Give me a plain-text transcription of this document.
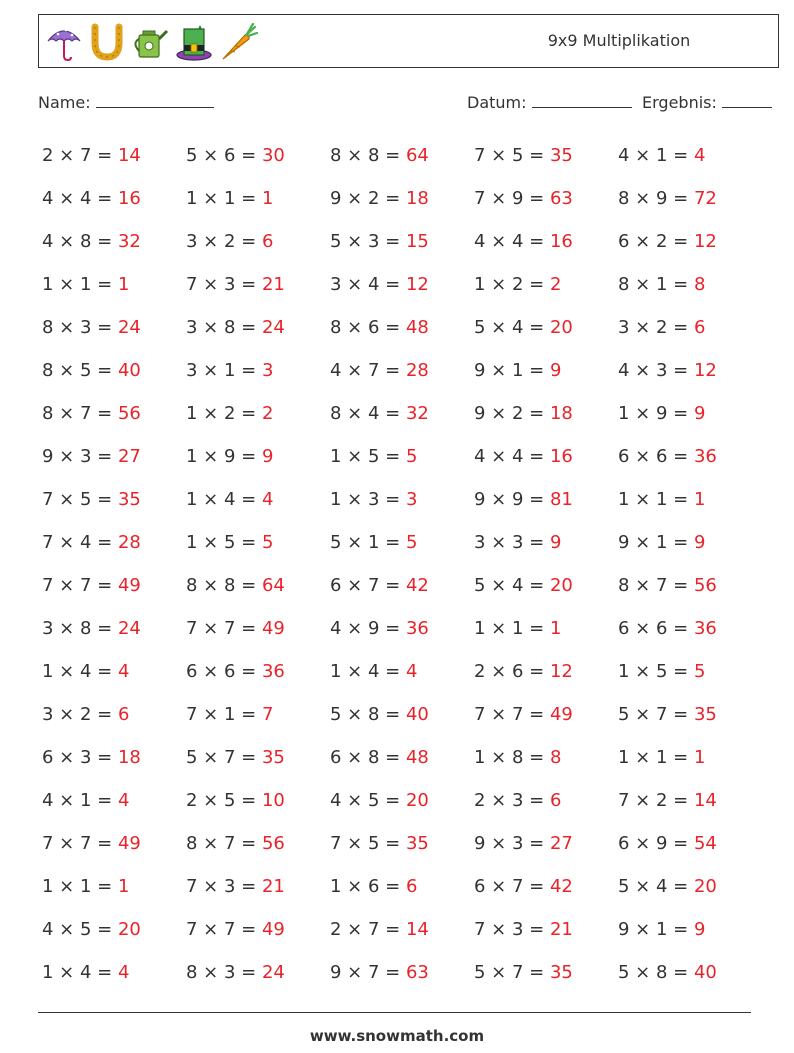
9x9 Multiplikation
Name:	Datum:	Ergebnis:
2 × 7 = 14	5 × 6 = 30	8 × 8 = 64	7 × 5 = 35	4 × 1 = 4
4 × 4 = 16	1 × 1 = 1	9 × 2 = 18	7 × 9 = 63	8 × 9 = 72
4 × 8 = 32	3 × 2 = 6	5 × 3 = 15	4 × 4 = 16	6 × 2 = 12
1 × 1 = 1	7 × 3 = 21	3 × 4 = 12	1 × 2 = 2	8 × 1 = 8
8 × 3 = 24	3 × 8 = 24	8 × 6 = 48	5 × 4 = 20	3 × 2 = 6
8 × 5 = 40	3 × 1 = 3	4 × 7 = 28	9 × 1 = 9	4 × 3 = 12
8 × 7 = 56	1 × 2 = 2	8 × 4 = 32	9 × 2 = 18	1 × 9 = 9
9 × 3 = 27	1 × 9 = 9	1 × 5 = 5	4 × 4 = 16	6 × 6 = 36
7 × 5 = 35	1 × 4 = 4	1 × 3 = 3	9 × 9 = 81	1 × 1 = 1
7 × 4 = 28	1 × 5 = 5	5 × 1 = 5	3 × 3 = 9	9 × 1 = 9
7 × 7 = 49	8 × 8 = 64	6 × 7 = 42	5 × 4 = 20	8 × 7 = 56
3 × 8 = 24	7 × 7 = 49	4 × 9 = 36	1 × 1 = 1	6 × 6 = 36
1 × 4 = 4	6 × 6 = 36	1 × 4 = 4	2 × 6 = 12	1 × 5 = 5
3 × 2 = 6	7 × 1 = 7	5 × 8 = 40	7 × 7 = 49	5 × 7 = 35
6 × 3 = 18	5 × 7 = 35	6 × 8 = 48	1 × 8 = 8	1 × 1 = 1
4 × 1 = 4	2 × 5 = 10	4 × 5 = 20	2 × 3 = 6	7 × 2 = 14
7 × 7 = 49	8 × 7 = 56	7 × 5 = 35	9 × 3 = 27	6 × 9 = 54
1 × 1 = 1	7 × 3 = 21	1 × 6 = 6	6 × 7 = 42	5 × 4 = 20
4 × 5 = 20	7 × 7 = 49	2 × 7 = 14	7 × 3 = 21	9 × 1 = 9
1 × 4 = 4	8 × 3 = 24	9 × 7 = 63	5 × 7 = 35	5 × 8 = 40
www.snowmath.com
